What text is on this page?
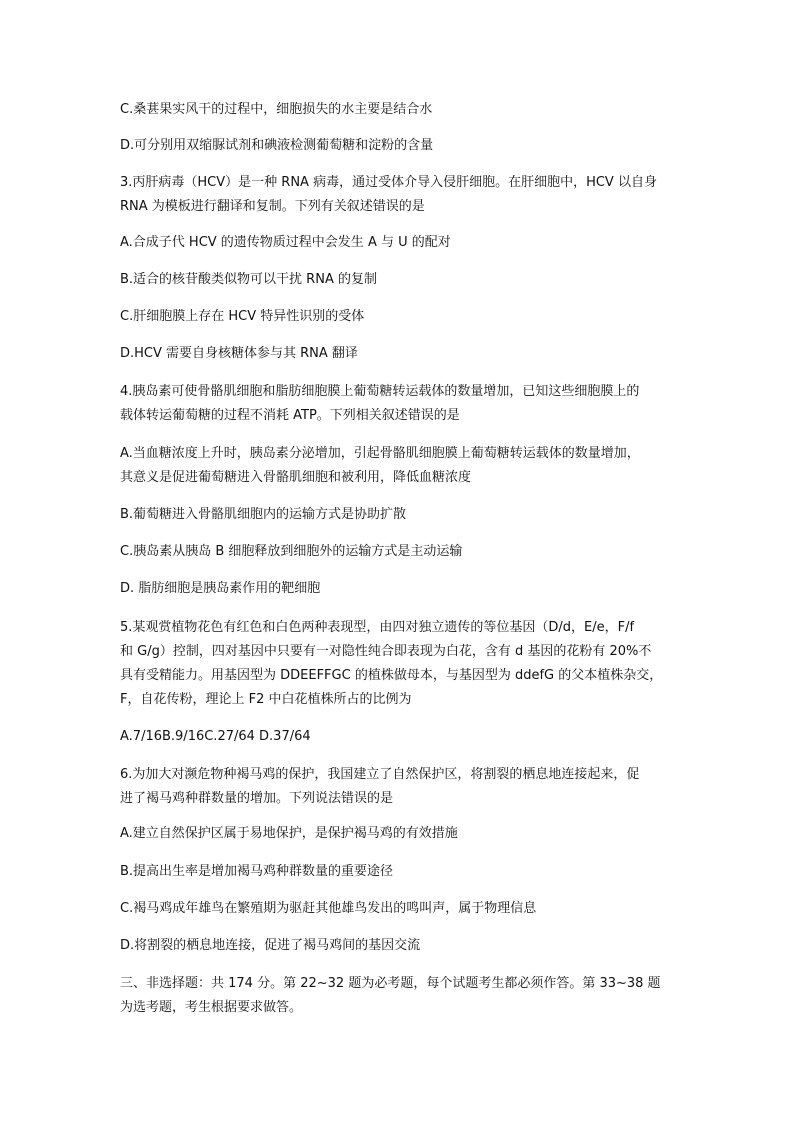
C.桑葚果实风干的过程中，细胞损失的水主要是结合水
D.可分别用双缩脲试剂和碘液检测葡萄糖和淀粉的含量
3.丙肝病毒（HCV）是一种 RNA 病毒，通过受体介导入侵肝细胞。在肝细胞中，HCV 以自身
RNA 为模板进行翻译和复制。下列有关叙述错误的是
A.合成子代 HCV 的遗传物质过程中会发生 A 与 U 的配对
B.适合的核苷酸类似物可以干扰 RNA 的复制
C.肝细胞膜上存在 HCV 特异性识别的受体
D.HCV 需要自身核糖体参与其 RNA 翻译
4.胰岛素可使骨骼肌细胞和脂肪细胞膜上葡萄糖转运载体的数量增加，已知这些细胞膜上的
载体转运葡萄糖的过程不消耗 ATP。下列相关叙述错误的是
A.当血糖浓度上升时，胰岛素分泌增加，引起骨骼肌细胞膜上葡萄糖转运载体的数量增加，
其意义是促进葡萄糖进入骨骼肌细胞和被利用，降低血糖浓度
B.葡萄糖进入骨骼肌细胞内的运输方式是协助扩散
C.胰岛素从胰岛 B 细胞释放到细胞外的运输方式是主动运输
D. 脂肪细胞是胰岛素作用的靶细胞
5.某观赏植物花色有红色和白色两种表现型，由四对独立遗传的等位基因（D/d，E/e，F/f
和 G/g）控制，四对基因中只要有一对隐性纯合即表现为白花，含有 d 基因的花粉有 20%不
具有受精能力。用基因型为 DDEEFFGC 的植株做母本，与基因型为 ddefG 的父本植株杂交，
F，自花传粉，理论上 F2 中白花植株所占的比例为
A.7/16B.9/16C.27/64 D.37/64
6.为加大对濒危物种褐马鸡的保护，我国建立了自然保护区，将割裂的栖息地连接起来，促
进了褐马鸡种群数量的增加。下列说法错误的是
A.建立自然保护区属于易地保护，是保护褐马鸡的有效措施
B.提高出生率是增加褐马鸡种群数量的重要途径
C.褐马鸡成年雄鸟在繁殖期为驱赶其他雄鸟发出的鸣叫声，属于物理信息
D.将割裂的栖息地连接，促进了褐马鸡间的基因交流
三、非选择题：共 174 分。第 22~32 题为必考题，每个试题考生都必须作答。第 33~38 题
为选考题，考生根据要求做答。
